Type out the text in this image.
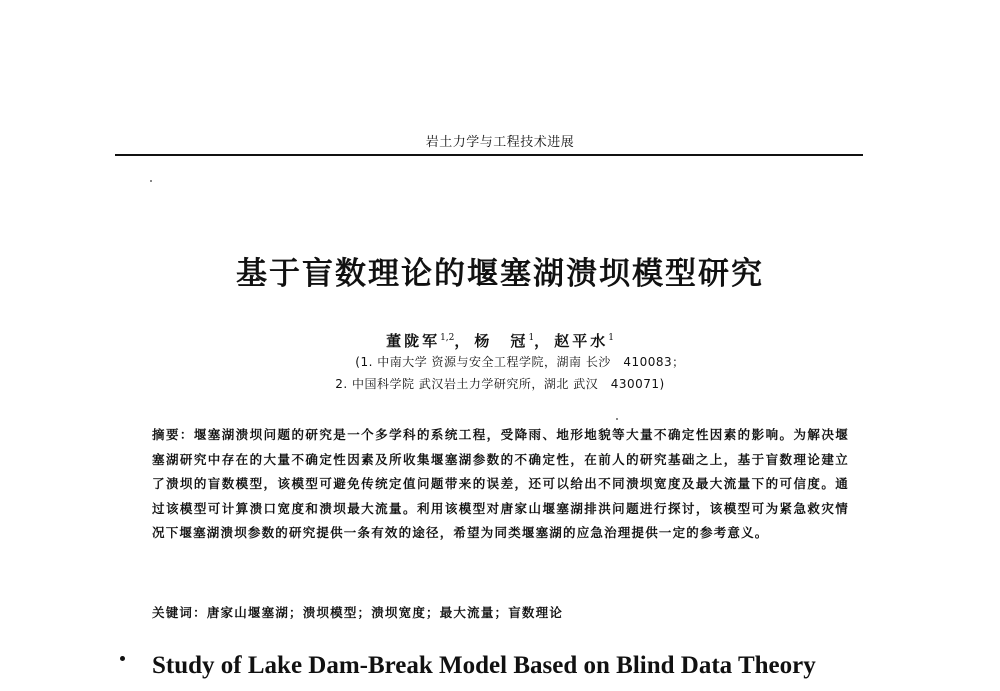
岩土力学与工程技术进展
基于盲数理论的堰塞湖溃坝模型研究
董陇军$^{1,2}$， 杨　冠$^1$， 赵平水$^1$
(1. 中南大学 资源与安全工程学院，湖南 长沙　410083；
2. 中国科学院 武汉岩土力学研究所，湖北 武汉　430071)

摘要：堰塞湖溃坝问题的研究是一个多学科的系统工程，受降雨、地形地貌等大量不确定性因素的影响。为解决堰塞湖研究中存在的大量不确定性因素及所收集堰塞湖参数的不确定性，在前人的研究基础之上，基于盲数理论建立了溃坝的盲数模型，该模型可避免传统定值问题带来的误差，还可以给出不同溃坝宽度及最大流量下的可信度。通过该模型可计算溃口宽度和溃坝最大流量。利用该模型对唐家山堰塞湖排洪问题进行探讨，该模型可为紧急救灾情况下堰塞湖溃坝参数的研究提供一条有效的途径，希望为同类堰塞湖的应急治理提供一定的参考意义。

关键词：唐家山堰塞湖；溃坝模型；溃坝宽度；最大流量；盲数理论

Study of Lake Dam-Break Model Based on Blind Data Theory
